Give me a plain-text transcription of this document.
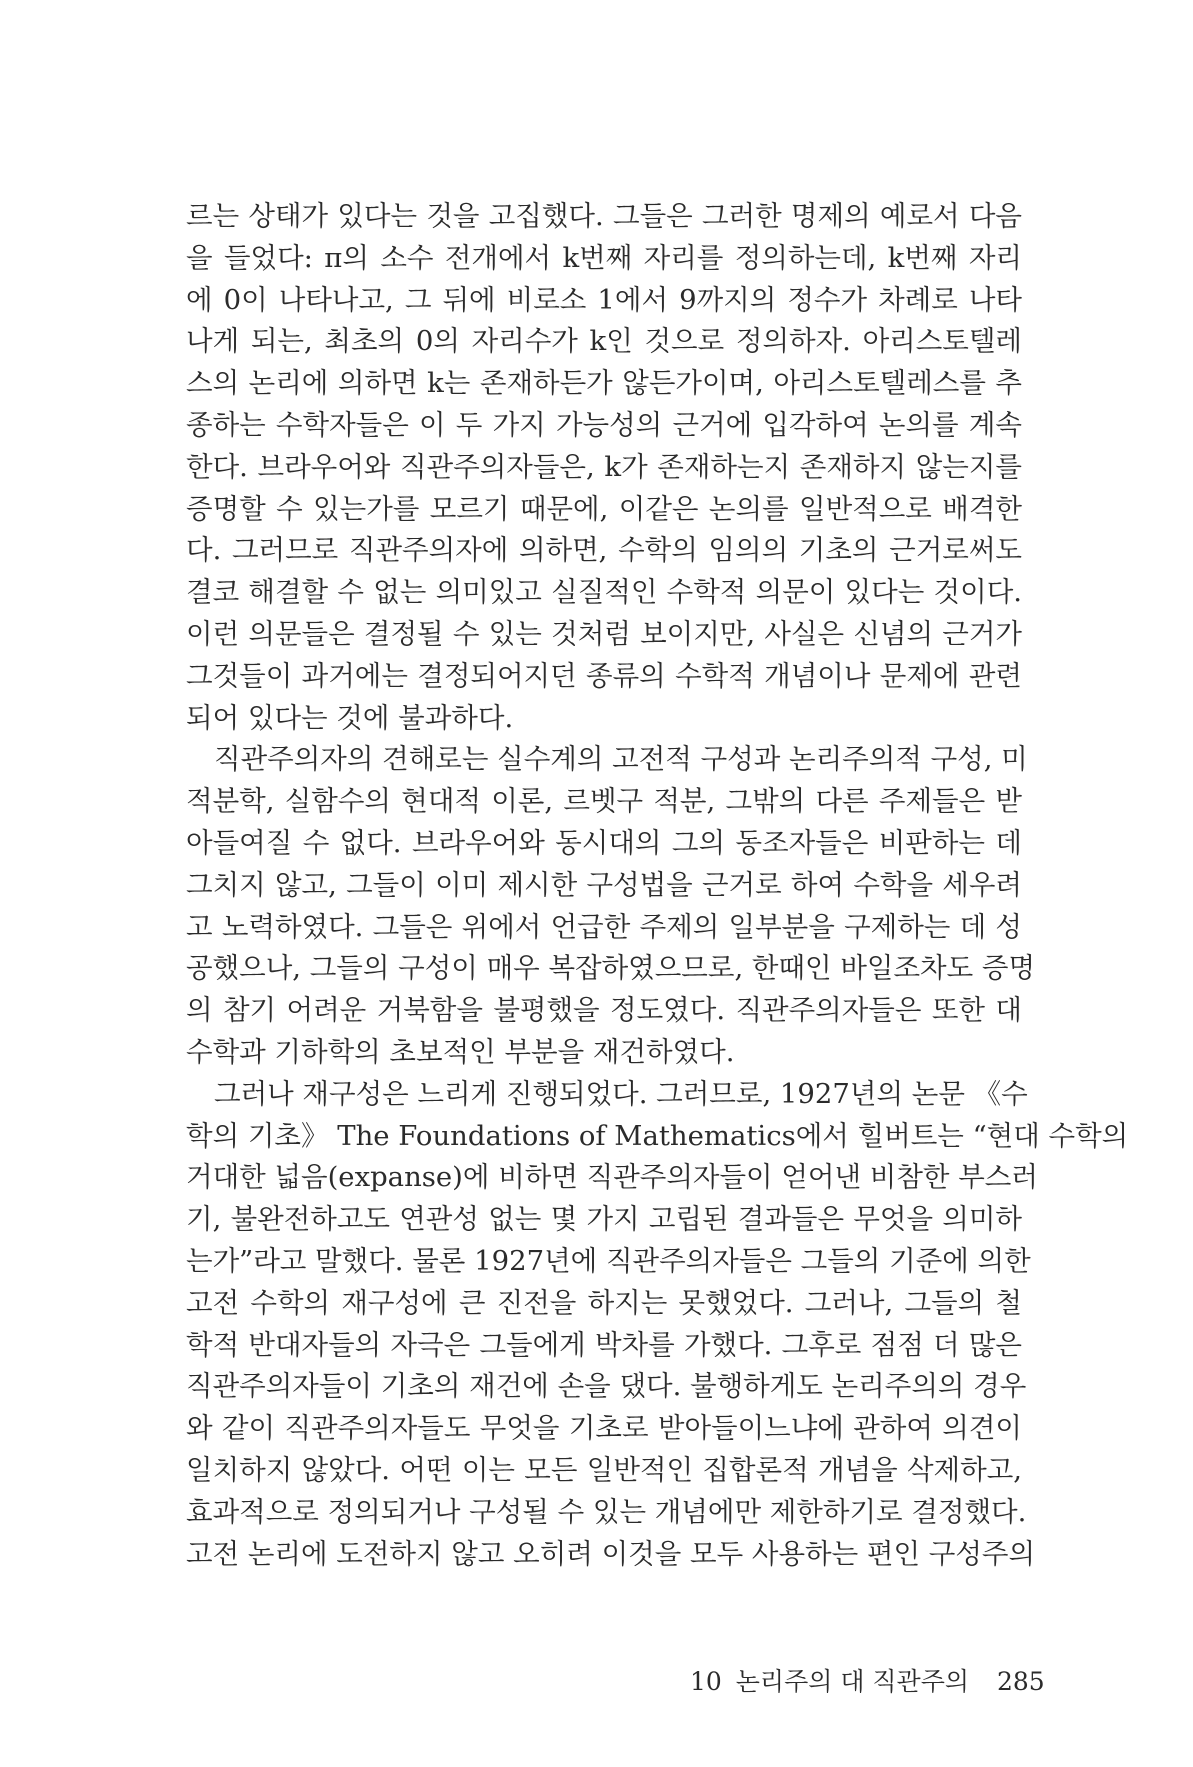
르는 상태가 있다는 것을 고집했다. 그들은 그러한 명제의 예로서 다음
을 들었다: π의 소수 전개에서 k번째 자리를 정의하는데, k번째 자리
에 0이 나타나고, 그 뒤에 비로소 1에서 9까지의 정수가 차례로 나타
나게 되는, 최초의 0의 자리수가 k인 것으로 정의하자. 아리스토텔레
스의 논리에 의하면 k는 존재하든가 않든가이며, 아리스토텔레스를 추
종하는 수학자들은 이 두 가지 가능성의 근거에 입각하여 논의를 계속
한다. 브라우어와 직관주의자들은, k가 존재하는지 존재하지 않는지를
증명할 수 있는가를 모르기 때문에, 이같은 논의를 일반적으로 배격한
다. 그러므로 직관주의자에 의하면, 수학의 임의의 기초의 근거로써도
결코 해결할 수 없는 의미있고 실질적인 수학적 의문이 있다는 것이다.
이런 의문들은 결정될 수 있는 것처럼 보이지만, 사실은 신념의 근거가
그것들이 과거에는 결정되어지던 종류의 수학적 개념이나 문제에 관련
되어 있다는 것에 불과하다.
직관주의자의 견해로는 실수계의 고전적 구성과 논리주의적 구성, 미
적분학, 실함수의 현대적 이론, 르벳구 적분, 그밖의 다른 주제들은 받
아들여질 수 없다. 브라우어와 동시대의 그의 동조자들은 비판하는 데
그치지 않고, 그들이 이미 제시한 구성법을 근거로 하여 수학을 세우려
고 노력하였다. 그들은 위에서 언급한 주제의 일부분을 구제하는 데 성
공했으나, 그들의 구성이 매우 복잡하였으므로, 한때인 바일조차도 증명
의 참기 어려운 거북함을 불평했을 정도였다. 직관주의자들은 또한 대
수학과 기하학의 초보적인 부분을 재건하였다.
그러나 재구성은 느리게 진행되었다. 그러므로, 1927년의 논문 《수
학의 기초》 The Foundations of Mathematics에서 힐버트는 “현대 수학의
거대한 넓음(expanse)에 비하면 직관주의자들이 얻어낸 비참한 부스러
기, 불완전하고도 연관성 없는 몇 가지 고립된 결과들은 무엇을 의미하
는가”라고 말했다. 물론 1927년에 직관주의자들은 그들의 기준에 의한
고전 수학의 재구성에 큰 진전을 하지는 못했었다. 그러나, 그들의 철
학적 반대자들의 자극은 그들에게 박차를 가했다. 그후로 점점 더 많은
직관주의자들이 기초의 재건에 손을 댔다. 불행하게도 논리주의의 경우
와 같이 직관주의자들도 무엇을 기초로 받아들이느냐에 관하여 의견이
일치하지 않았다. 어떤 이는 모든 일반적인 집합론적 개념을 삭제하고,
효과적으로 정의되거나 구성될 수 있는 개념에만 제한하기로 결정했다.
고전 논리에 도전하지 않고 오히려 이것을 모두 사용하는 편인 구성주의
10 논리주의 대 직관주의 285
